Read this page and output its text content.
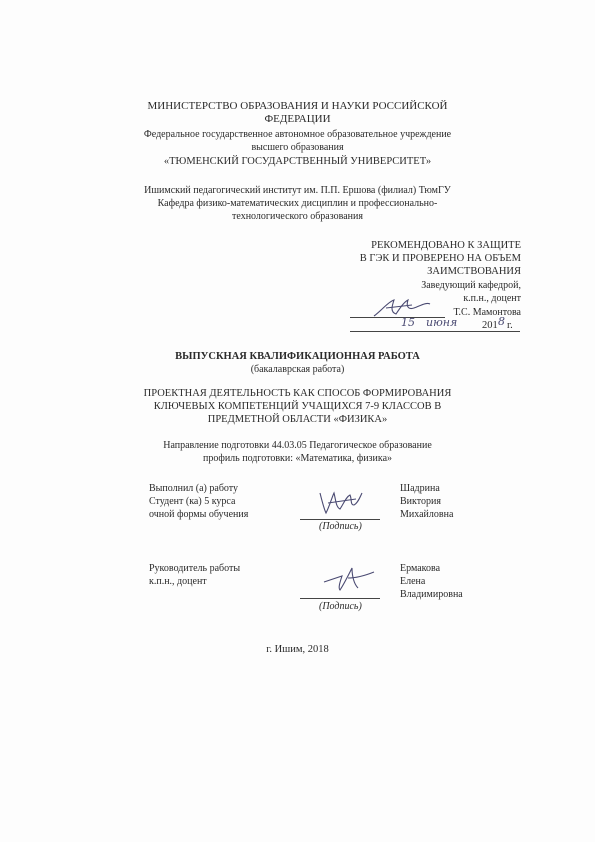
МИНИСТЕРСТВО ОБРАЗОВАНИЯ И НАУКИ РОССИЙСКОЙ
ФЕДЕРАЦИИ
Федеральное государственное автономное образовательное учреждение
высшего образования
«ТЮМЕНСКИЙ ГОСУДАРСТВЕННЫЙ УНИВЕРСИТЕТ»
Ишимский педагогический институт им. П.П. Ершова (филиал) ТюмГУ
Кафедра физико-математических дисциплин и профессионально-
технологического образования
РЕКОМЕНДОВАНО К ЗАЩИТЕ
В ГЭК И ПРОВЕРЕНО НА ОБЪЕМ
ЗАИМСТВОВАНИЯ
Заведующий кафедрой,
к.п.н., доцент
Т.С. Мамонтова
15 июня 201 8 г.
ВЫПУСКНАЯ КВАЛИФИКАЦИОННАЯ РАБОТА
(бакалаврская работа)
ПРОЕКТНАЯ ДЕЯТЕЛЬНОСТЬ КАК СПОСОБ ФОРМИРОВАНИЯ
КЛЮЧЕВЫХ КОМПЕТЕНЦИЙ УЧАЩИХСЯ 7-9 КЛАССОВ В
ПРЕДМЕТНОЙ ОБЛАСТИ «ФИЗИКА»
Направление подготовки 44.03.05 Педагогическое образование
профиль подготовки: «Математика, физика»
Выполнил (а) работу
Студент (ка) 5 курса
очной формы обучения
(Подпись)
Шадрина
Виктория
Михайловна
Руководитель работы
к.п.н., доцент
(Подпись)
Ермакова
Елена
Владимировна
г. Ишим, 2018
